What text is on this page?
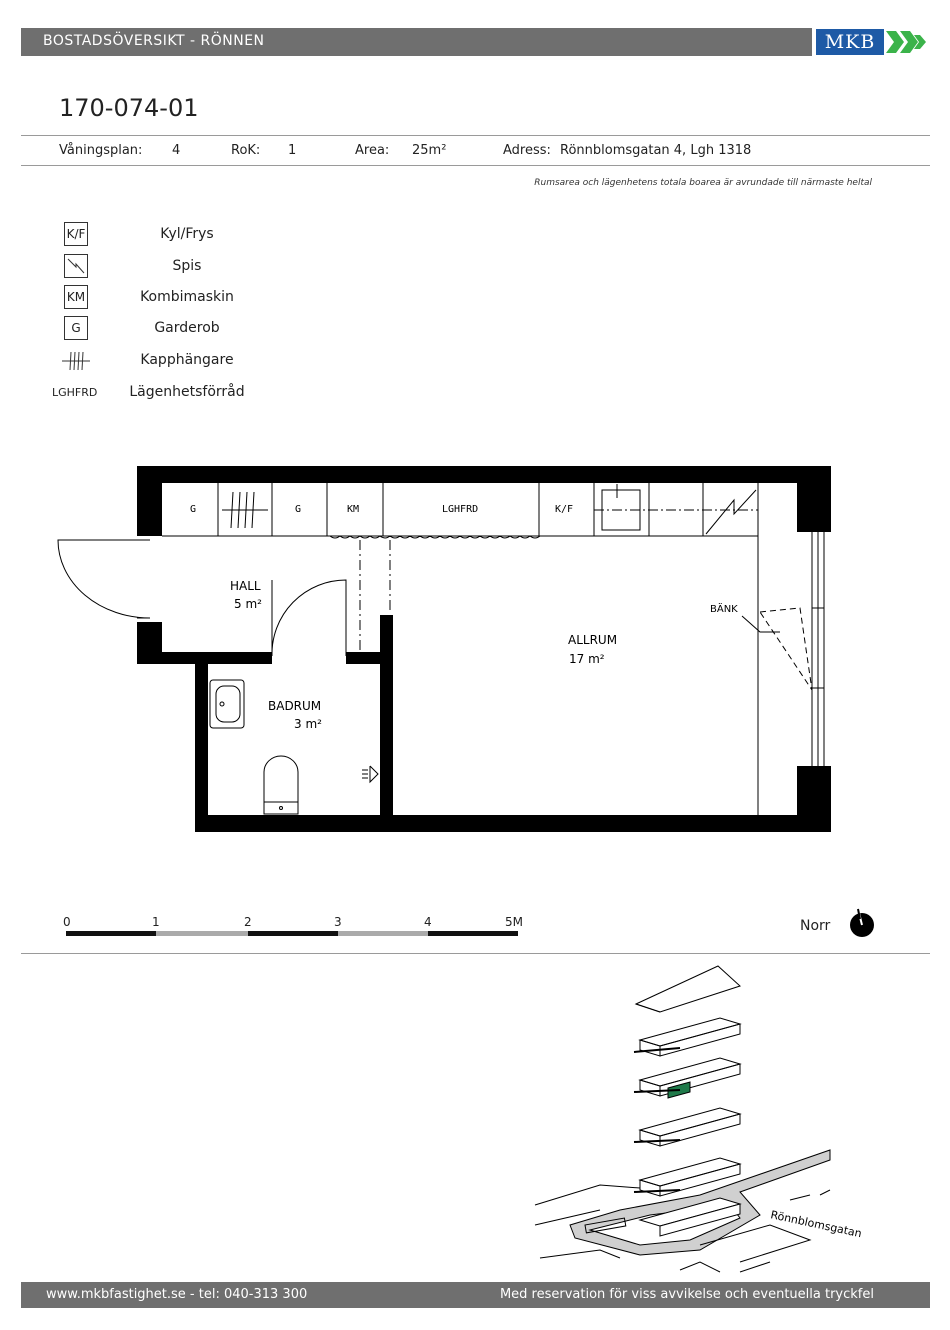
BOSTADSÖVERSIKT - RÖNNEN	MKB
170-074-01
Våningsplan: 4	RoK: 1	Area: 25m²	Adress: Rönnblomsgatan 4, Lgh 1318
Rumsarea och lägenhetens totala boarea är avrundade till närmaste heltal
K/F	Kyl/Frys
Spis
KM	Kombimaskin
G	Garderob
Kapphängare
LGHFRD	Lägenhetsförråd
G	G	KM	LGHFRD	K/F
HALL
5 m²
BADRUM
3 m²
ALLRUM
17 m²
BÄNK
0	1	2	3	4	5M	Norr
Rönnblomsgatan
www.mkbfastighet.se - tel: 040-313 300	Med reservation för viss avvikelse och eventuella tryckfel
